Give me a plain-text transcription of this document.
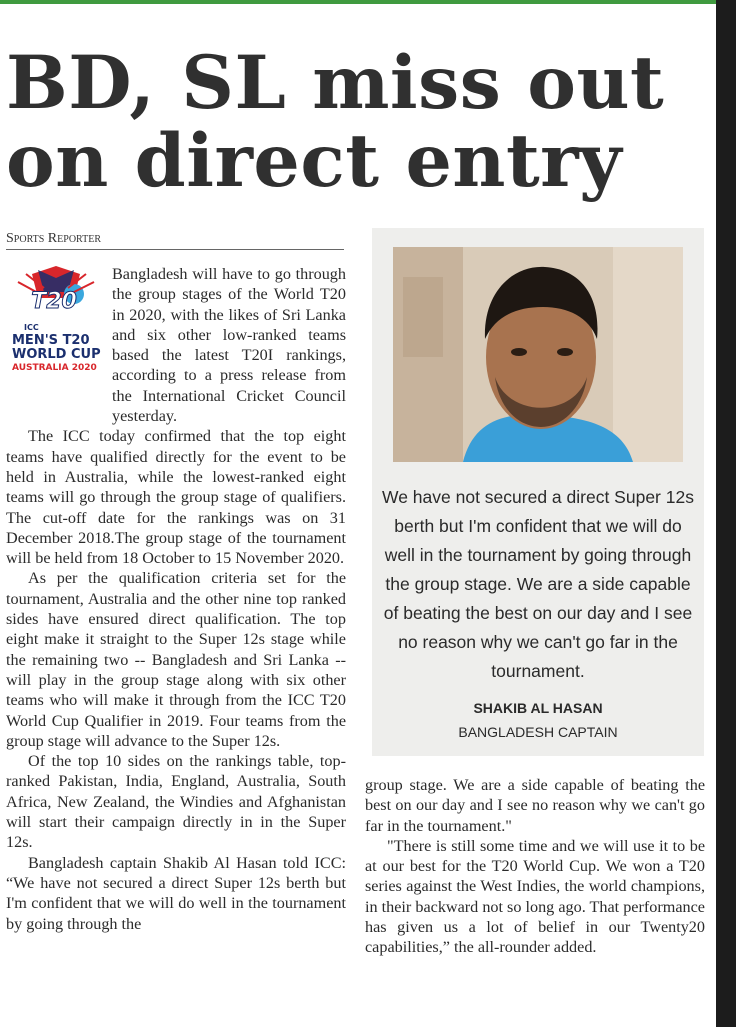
BD, SL miss out
on direct entry
Sports Reporter
T20
ICC
MEN'S T20
WORLD CUP
AUSTRALIA 2020

Bangladesh will have to go through the group stages of the World T20 in 2020, with the likes of Sri Lanka and six other low-ranked teams based the latest T20I rankings, according to a press release from the International Cricket Council yesterday.

The ICC today confirmed that the top eight teams have qualified directly for the event to be held in Australia, while the lowest-ranked eight teams will go through the group stage of qualifiers. The cut-off date for the rankings was on 31 December 2018.The group stage of the tournament will be held from 18 October to 15 November 2020.

As per the qualification criteria set for the tournament, Australia and the other nine top ranked sides have ensured direct qualification. The top eight make it straight to the Super 12s stage while the remaining two -- Bangladesh and Sri Lanka -- will play in the group stage along with six other teams who will make it through from the ICC T20 World Cup Qualifier in 2019. Four teams from the group stage will advance to the Super 12s.

Of the top 10 sides on the rankings table, top-ranked Pakistan, India, England, Australia, South Africa, New Zealand, the Windies and Afghanistan will start their campaign directly in in the Super 12s.

Bangladesh captain Shakib Al Hasan told ICC: “We have not secured a direct Super 12s berth but I'm confident that we will do well in the tournament by going through the

We have not secured a direct Super 12s berth but I'm confident that we will do well in the tournament by going through the group stage. We are a side capable of beating the best on our day and I see no reason why we can't go far in the tournament.

SHAKIB AL HASAN
BANGLADESH CAPTAIN

group stage. We are a side capable of beating the best on our day and I see no reason why we can't go far in the tournament."

"There is still some time and we will use it to be at our best for the T20 World Cup. We won a T20 series against the West Indies, the world champions, in their backward not so long ago. That performance has given us a lot of belief in our Twenty20 capabilities,” the all-rounder added.
